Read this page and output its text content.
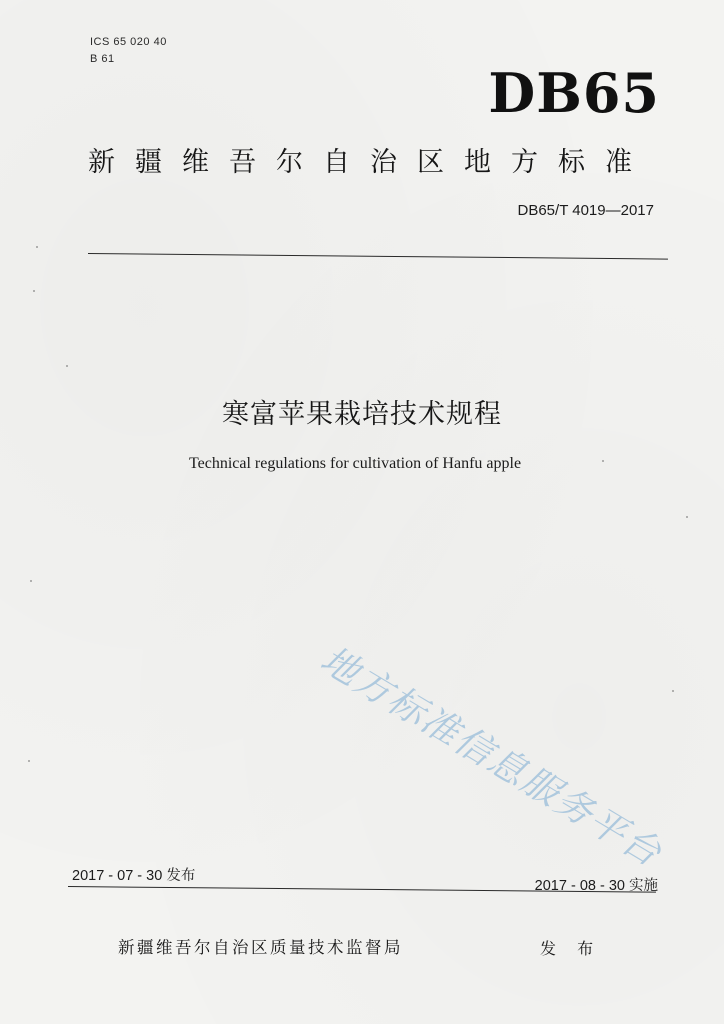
ICS 65 020 40
B 61
DB65
新疆维吾尔自治区地方标准
DB65/T 4019—2017
寒富苹果栽培技术规程
Technical regulations for cultivation of Hanfu apple
地方标准信息服务平台
2017 - 07 - 30 发布
2017 - 08 - 30 实施
新疆维吾尔自治区质量技术监督局	发 布
